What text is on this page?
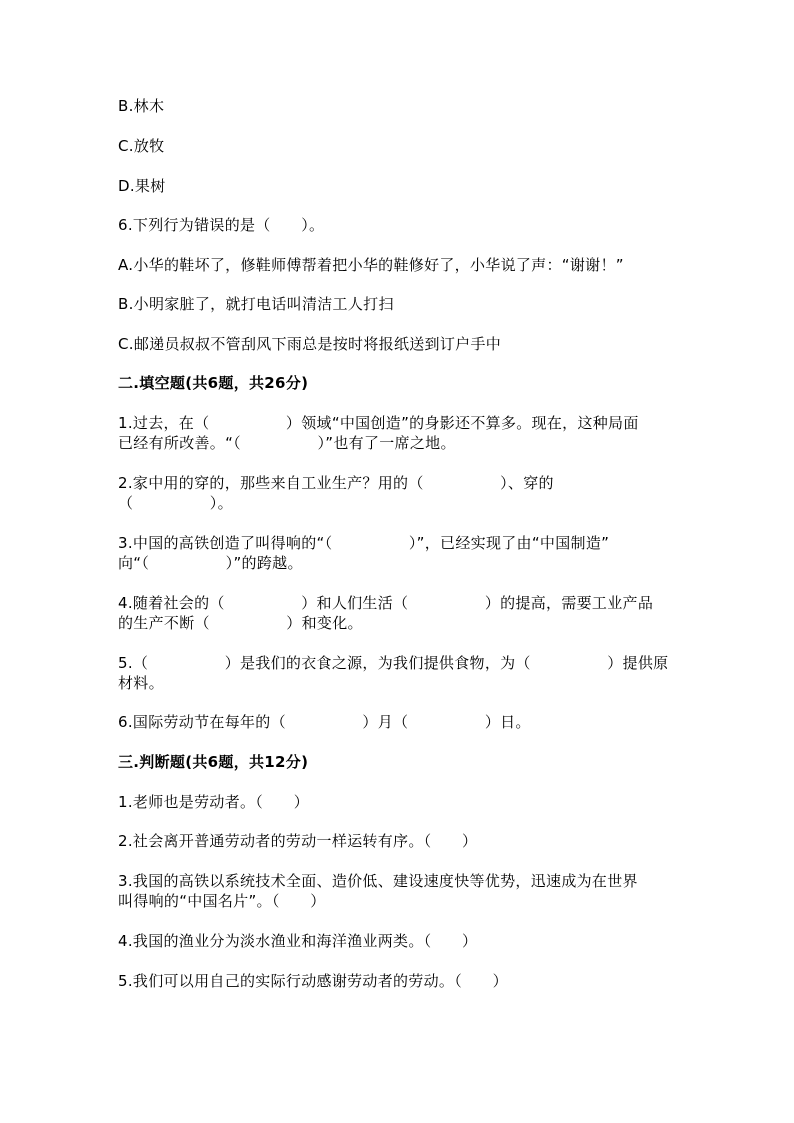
B.林木
C.放牧
D.果树
6.下列行为错误的是（　　）。
A.小华的鞋坏了，修鞋师傅帮着把小华的鞋修好了，小华说了声：“谢谢！”
B.小明家脏了，就打电话叫清洁工人打扫
C.邮递员叔叔不管刮风下雨总是按时将报纸送到订户手中
二.填空题(共6题，共26分)
1.过去，在（　　　　　）领域“中国创造”的身影还不算多。现在，这种局面
已经有所改善。“（　　　　　）”也有了一席之地。
2.家中用的穿的，那些来自工业生产？用的（　　　　　）、穿的
（　　　　　）。
3.中国的高铁创造了叫得响的“（　　　　　）”，已经实现了由“中国制造”
向“（　　　　　）”的跨越。
4.随着社会的（　　　　　）和人们生活（　　　　　）的提高，需要工业产品
的生产不断（　　　　　）和变化。
5.（　　　　　）是我们的衣食之源，为我们提供食物，为（　　　　　）提供原
材料。
6.国际劳动节在每年的（　　　　　）月（　　　　　）日。
三.判断题(共6题，共12分)
1.老师也是劳动者。（　　）
2.社会离开普通劳动者的劳动一样运转有序。（　　）
3.我国的高铁以系统技术全面、造价低、建设速度快等优势，迅速成为在世界
叫得响的“中国名片”。（　　）
4.我国的渔业分为淡水渔业和海洋渔业两类。（　　）
5.我们可以用自己的实际行动感谢劳动者的劳动。（　　）
